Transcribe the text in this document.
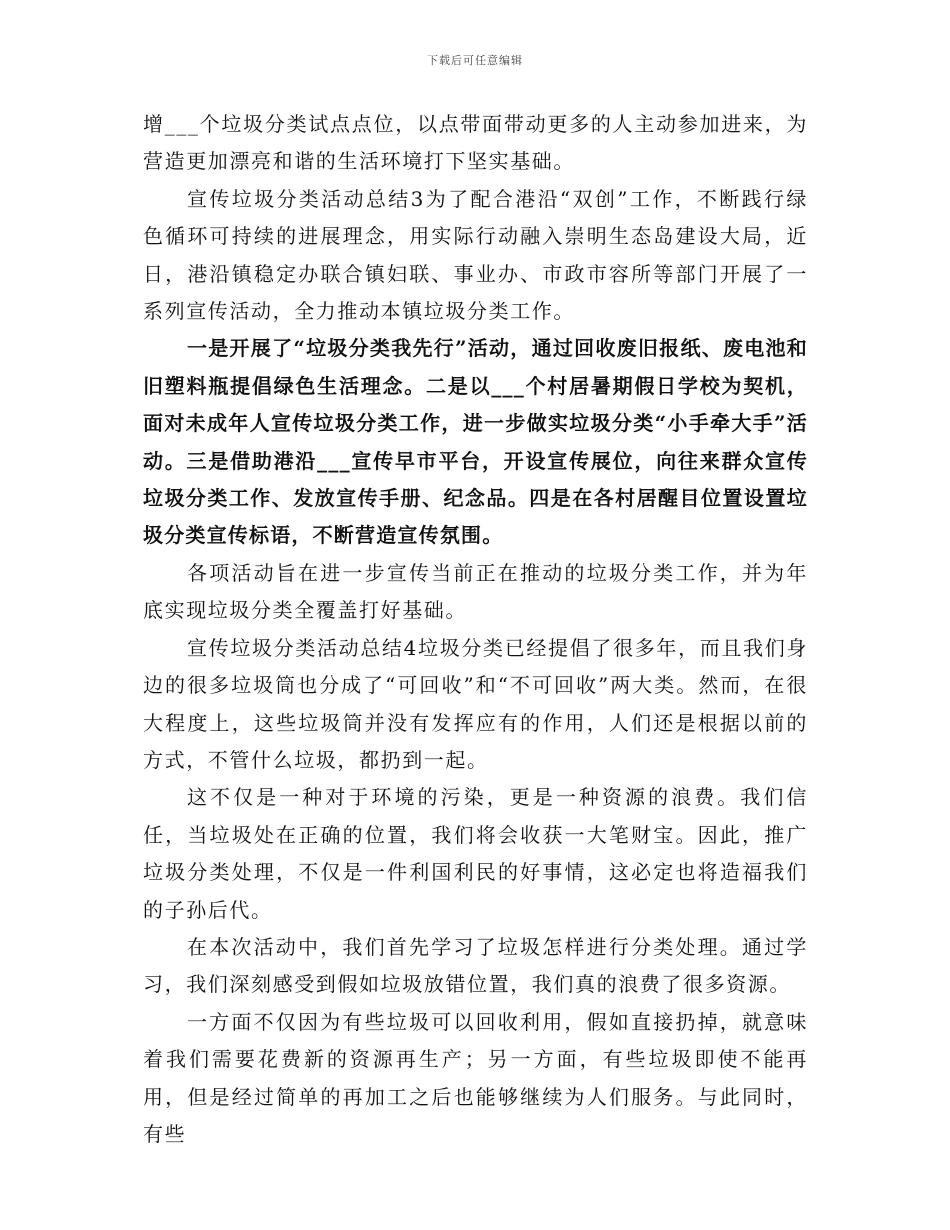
下载后可任意编辑

增___个垃圾分类试点点位，以点带面带动更多的人主动参加进来，为营造更加漂亮和谐的生活环境打下坚实基础。

宣传垃圾分类活动总结3为了配合港沿“双创”工作，不断践行绿色循环可持续的进展理念，用实际行动融入崇明生态岛建设大局，近日，港沿镇稳定办联合镇妇联、事业办、市政市容所等部门开展了一系列宣传活动，全力推动本镇垃圾分类工作。

一是开展了“垃圾分类我先行”活动，通过回收废旧报纸、废电池和旧塑料瓶提倡绿色生活理念。二是以___个村居暑期假日学校为契机，面对未成年人宣传垃圾分类工作，进一步做实垃圾分类“小手牵大手”活动。三是借助港沿___宣传早市平台，开设宣传展位，向往来群众宣传垃圾分类工作、发放宣传手册、纪念品。四是在各村居醒目位置设置垃圾分类宣传标语，不断营造宣传氛围。

各项活动旨在进一步宣传当前正在推动的垃圾分类工作，并为年底实现垃圾分类全覆盖打好基础。

宣传垃圾分类活动总结4垃圾分类已经提倡了很多年，而且我们身边的很多垃圾筒也分成了“可回收”和“不可回收”两大类。然而，在很大程度上，这些垃圾筒并没有发挥应有的作用，人们还是根据以前的方式，不管什么垃圾，都扔到一起。

这不仅是一种对于环境的污染，更是一种资源的浪费。我们信任，当垃圾处在正确的位置，我们将会收获一大笔财宝。因此，推广垃圾分类处理，不仅是一件利国利民的好事情，这必定也将造福我们的子孙后代。

在本次活动中，我们首先学习了垃圾怎样进行分类处理。通过学习，我们深刻感受到假如垃圾放错位置，我们真的浪费了很多资源。

一方面不仅因为有些垃圾可以回收利用，假如直接扔掉，就意味着我们需要花费新的资源再生产；另一方面，有些垃圾即使不能再用，但是经过简单的再加工之后也能够继续为人们服务。与此同时，有些
